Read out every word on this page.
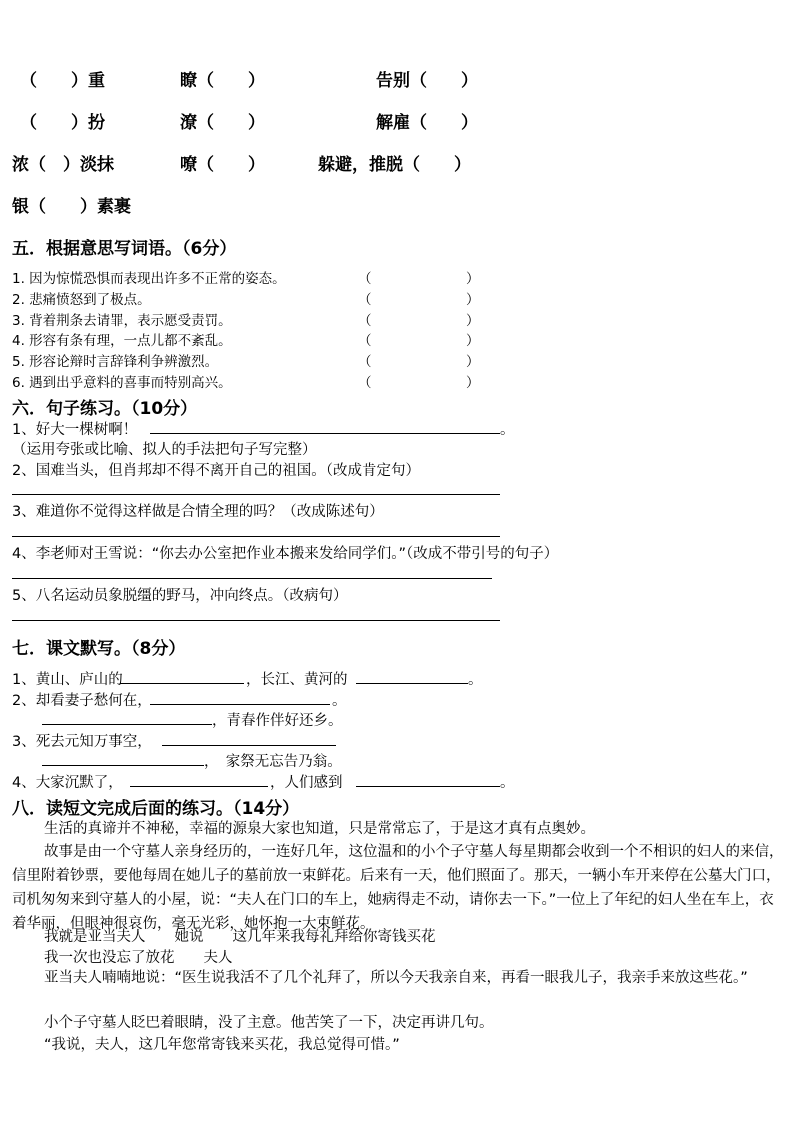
（　　）重	瞭（　　）	告别（　　）
（　　）扮	潦（　　）	解雇（　　）
浓（　）淡抹	嘹（　　）	躲避，推脱（　　）
银（　　）素裹
五．根据意思写词语。（6分）
1. 因为惊慌恐惧而表现出许多不正常的姿态。	（　　　　　　　）
2. 悲痛愤怒到了极点。	（　　　　　　　）
3. 背着荆条去请罪，表示愿受责罚。	（　　　　　　　）
4. 形容有条有理，一点儿都不紊乱。	（　　　　　　　）
5. 形容论辩时言辞锋利争辨激烈。	（　　　　　　　）
6. 遇到出乎意料的喜事而特别高兴。	（　　　　　　　）
六．句子练习。（10分）
1、好大一棵树啊！	。
（运用夸张或比喻、拟人的手法把句子写完整）
2、国难当头，但肖邦却不得不离开自己的祖国。（改成肯定句）
3、难道你不觉得这样做是合情全理的吗？（改成陈述句）
4、李老师对王雪说：“你去办公室把作业本搬来发给同学们。”（改成不带引号的句子）
5、八名运动员象脱缰的野马，冲向终点。（改病句）
七．课文默写。（8分）
1、黄山、庐山的	，长江、黄河的	。
2、却看妻子愁何在，	。
，青春作伴好还乡。
3、死去元知万事空，
，　家祭无忘告乃翁。
4、大家沉默了，	，人们感到	。
八．读短文完成后面的练习。（14分）
生活的真谛并不神秘，幸福的源泉大家也知道，只是常常忘了，于是这才真有点奥妙。
故事是由一个守墓人亲身经历的，一连好几年，这位温和的小个子守墓人每星期都会收到一个不相识的妇人的来信，信里附着钞票，要他每周在她儿子的墓前放一束鲜花。后来有一天，他们照面了。那天，一辆小车开来停在公墓大门口，司机匆匆来到守墓人的小屋，说：“夫人在门口的车上，她病得走不动，请你去一下。”一位上了年纪的妇人坐在车上，衣着华丽，但眼神很哀伤，毫无光彩，她怀抱一大束鲜花。
我就是亚当夫人　　她说　　这几年来我每礼拜给你寄钱买花
我一次也没忘了放花　　夫人
亚当夫人喃喃地说：“医生说我活不了几个礼拜了，所以今天我亲自来，再看一眼我儿子，我亲手来放这些花。”
小个子守墓人眨巴着眼睛，没了主意。他苦笑了一下，决定再讲几句。
“我说，夫人，这几年您常寄钱来买花，我总觉得可惜。”
